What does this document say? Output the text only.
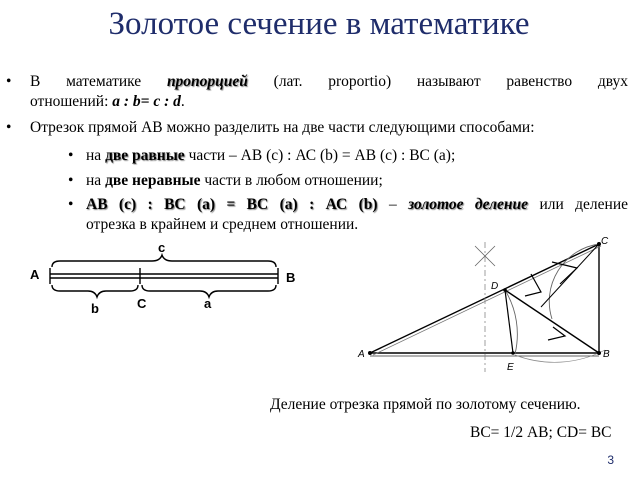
Золотое сечение в математике
• В математике пропорцией (лат. proportio) называют равенство двух
отношений: a : b= c : d.
• Отрезок прямой АВ можно разделить на две части следующими способами:
• на две равные части – АВ (с) : АС (b) = АВ (с) : ВС (а);
• на две неравные части в любом отношении;
• АВ (с) : ВС (а) = ВС (а) : АС (b) – золотое деление или деление
отрезка в крайнем и среднем отношении.
A	B
c
b	C	a
A	B
C
D
E
Деление отрезка прямой по золотому сечению.
ВС= 1/2 АВ; CD= BC
3
